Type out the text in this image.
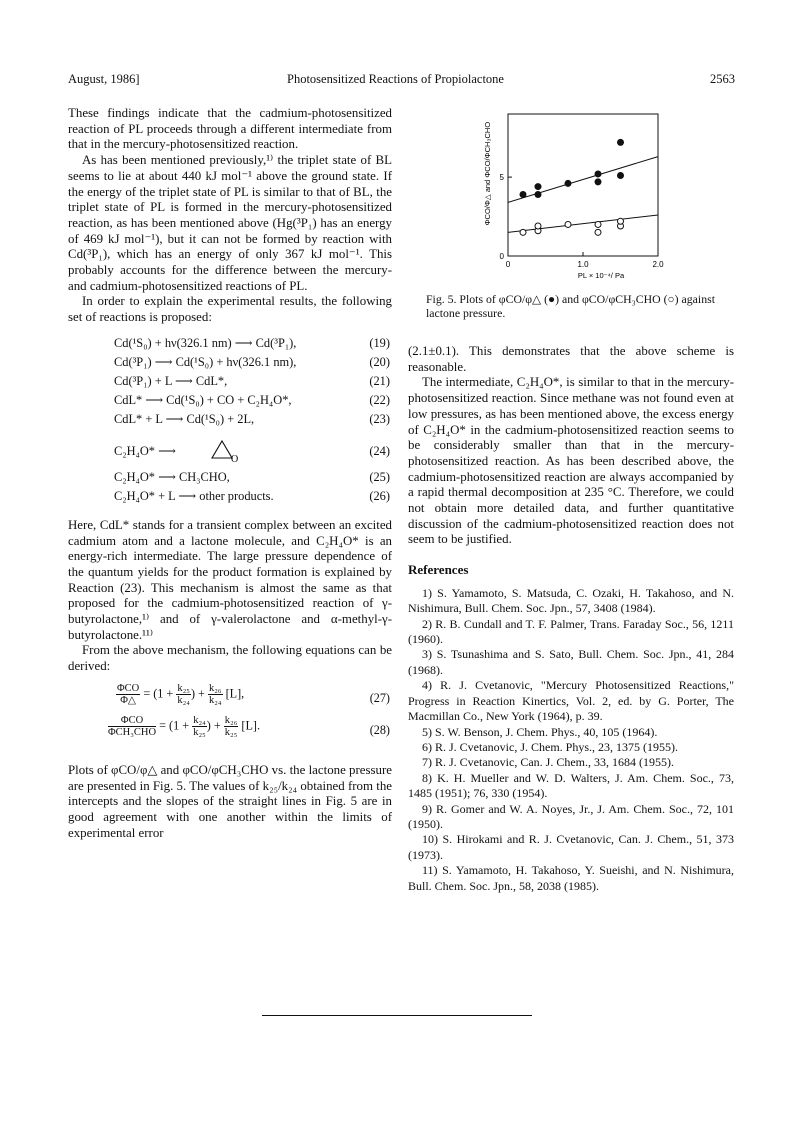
August, 1986]	Photosensitized Reactions of Propiolactone	2563

These findings indicate that the cadmium-photosensitized reaction of PL proceeds through a different intermediate from that in the mercury-photosensitized reaction.

As has been mentioned previously,¹⁾ the triplet state of BL seems to lie at about 440 kJ mol⁻¹ above the ground state. If the energy of the triplet state of PL is similar to that of BL, the triplet state of PL is formed in the mercury-photosensitized reaction, as has been mentioned above (Hg(³P₁) has an energy of 469 kJ mol⁻¹), but it can not be formed by reaction with Cd(³P₁), which has an energy of only 367 kJ mol⁻¹. This probably accounts for the difference between the mercury- and cadmium-photosensitized reactions of PL.

In order to explain the experimental results, the following set of reactions is proposed:

Cd(¹S₀) + hν(326.1 nm) ⟶ Cd(³P₁),	(19)
Cd(³P₁) ⟶ Cd(¹S₀) + hν(326.1 nm),	(20)
Cd(³P₁) + L ⟶ CdL*,	(21)
CdL* ⟶ Cd(¹S₀) + CO + C₂H₄O*,	(22)
CdL* + L ⟶ Cd(¹S₀) + 2L,	(23)
C₂H₄O* ⟶
O
(24)
C₂H₄O* ⟶ CH₃CHO,	(25)
C₂H₄O* + L ⟶ other products.	(26)

Here, CdL* stands for a transient complex between an excited cadmium atom and a lactone molecule, and C₂H₄O* is an energy-rich intermediate. The large pressure dependence of the quantum yields for the product formation is explained by Reaction (23). This mechanism is almost the same as that proposed for the cadmium-photosensitized reaction of γ-butyrolactone,¹⁾ and of γ-valerolactone and α-methyl-γ-butyrolactone.¹¹⁾

From the above mechanism, the following equations can be derived:

ΦCO
Φ△
= ($1 + \frac{\text{k₂₅}}{\text{k₂₄}}$ ) + $\frac{\text{k₂₆}}{\text{k₂₄}} [L]$,	(27)
ΦCO
ΦCH₃CHO
= ($1 + \frac{\text{k₂₄}}{\text{k₂₅}}$ ) + $\frac{\text{k₂₆}}{\text{k₂₅}} [L]$.	(28)

Plots of φCO/φ△ and φCO/φCH₃CHO vs. the lactone pressure are presented in Fig. 5. The values of k₂₅/k₂₄ obtained from the intercepts and the slopes of the straight lines in Fig. 5 are in good agreement with one another within the limits of experimental error

0	1.0	2.0
0
5
PL × 10⁻⁴/ Pa
ΦCO/Φ△ and ΦCO/ΦCH₃CHO
Fig. 5. Plots of φCO/φ△ (●) and φCO/φCH₃CHO (○) against lactone pressure.

(2.1±0.1). This demonstrates that the above scheme is reasonable.

The intermediate, C₂H₄O*, is similar to that in the mercury-photosensitized reaction. Since methane was not found even at low pressures, as has been mentioned above, the excess energy of C₂H₄O* in the cadmium-photosensitized reaction seems to be considerably smaller than that in the mercury-photosensitized reaction. As has been described above, the cadmium-photosensitized reaction are always accompanied by a rapid thermal decomposition at 235 °C. Therefore, we could not obtain more detailed data, and further quantitative discussion of the cadmium-photosensitized reaction does not seem to be justified.

References
1) S. Yamamoto, S. Matsuda, C. Ozaki, H. Takahoso, and N. Nishimura, Bull. Chem. Soc. Jpn., 57, 3408 (1984).
2) R. B. Cundall and T. F. Palmer, Trans. Faraday Soc., 56, 1211 (1960).
3) S. Tsunashima and S. Sato, Bull. Chem. Soc. Jpn., 41, 284 (1968).
4) R. J. Cvetanovic, "Mercury Photosensitized Reactions," Progress in Reaction Kinertics, Vol. 2, ed. by G. Porter, The Macmillan Co., New York (1964), p. 39.
5) S. W. Benson, J. Chem. Phys., 40, 105 (1964).
6) R. J. Cvetanovic, J. Chem. Phys., 23, 1375 (1955).
7) R. J. Cvetanovic, Can. J. Chem., 33, 1684 (1955).
8) K. H. Mueller and W. D. Walters, J. Am. Chem. Soc., 73, 1485 (1951); 76, 330 (1954).
9) R. Gomer and W. A. Noyes, Jr., J. Am. Chem. Soc., 72, 101 (1950).
10) S. Hirokami and R. J. Cvetanovic, Can. J. Chem., 51, 373 (1973).
11) S. Yamamoto, H. Takahoso, Y. Sueishi, and N. Nishimura, Bull. Chem. Soc. Jpn., 58, 2038 (1985).
